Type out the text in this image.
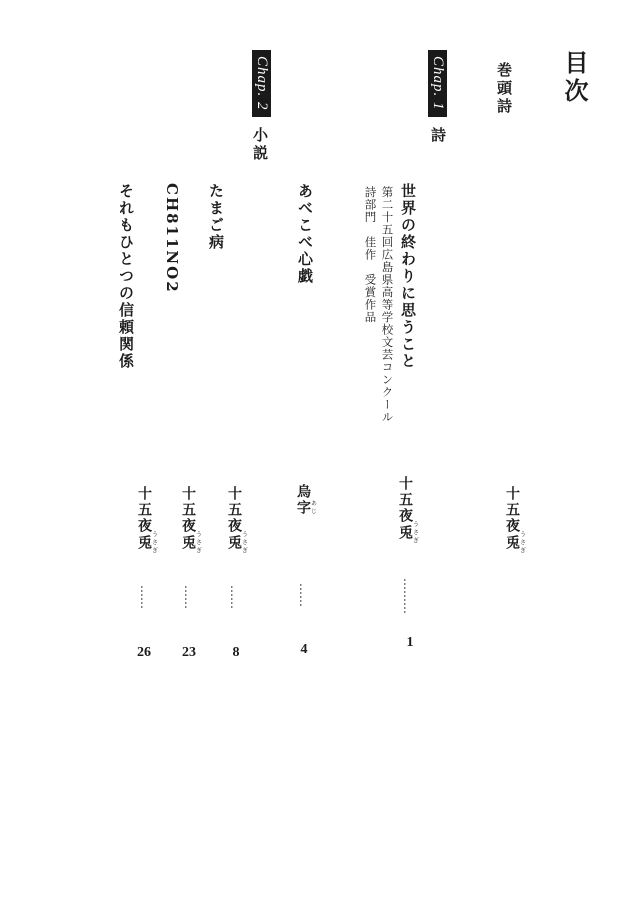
目次
巻頭詩
十五夜兎うさぎ
Chap. 1
詩
世界の終わりに思うこと
第二十五回広島県高等学校文芸コンクール
詩部門　佳作　受賞作品
十五夜兎うさぎ
………
1
Chap. 2
小説
あべこべ心戯
烏字あじ
……
4
たまご病
十五夜兎うさぎ
……
8
CH811NO2
十五夜兎うさぎ
……
23
それもひとつの信頼関係
十五夜兎うさぎ
……
26
